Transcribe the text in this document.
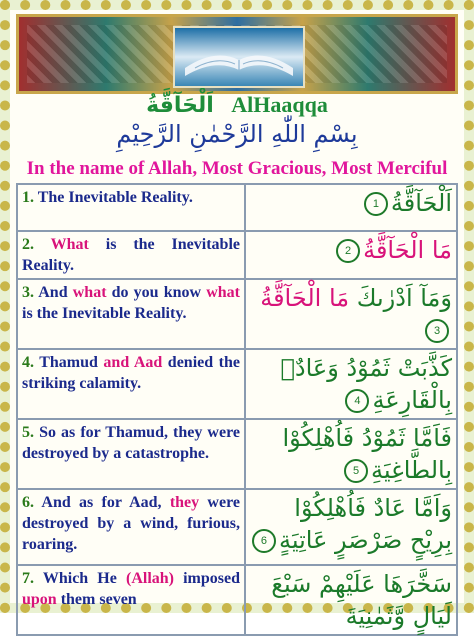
اَلْحَآقَّةُ AlHaaqqa
بِسْمِ اللّٰهِ الرَّحْمٰنِ الرَّحِيْمِ
In the name of Allah, Most Gracious, Most Merciful
1. The Inevitable Reality.	اَلْحَآقَّةُ1
2. What is the Inevitable Reality.	مَا الْحَآقَّةُ2
3. And what do you know what is the Inevitable Reality.	وَمَآ اَدْرٰىكَ مَا الْحَآقَّةُ3
4. Thamud and Aad denied the striking calamity.	كَذَّبَتْ ثَمُوْدُ وَعَادٌۢ بِالْقَارِعَةِ4
5. So as for Thamud, they were destroyed by a catastrophe.	فَاَمَّا ثَمُوْدُ فَاُهْلِكُوْا بِالطَّاغِيَةِ5
6. And as for Aad, they were destroyed by a wind, furious, roaring.	وَاَمَّا عَادٌ فَاُهْلِكُوْا بِرِيْحٍ صَرْصَرٍ عَاتِيَةٍ6
7. Which He (Allah) imposed upon them seven	سَخَّرَهَا عَلَيْهِمْ سَبْعَ لَيَالٍ وَّثَمٰنِيَةَ
